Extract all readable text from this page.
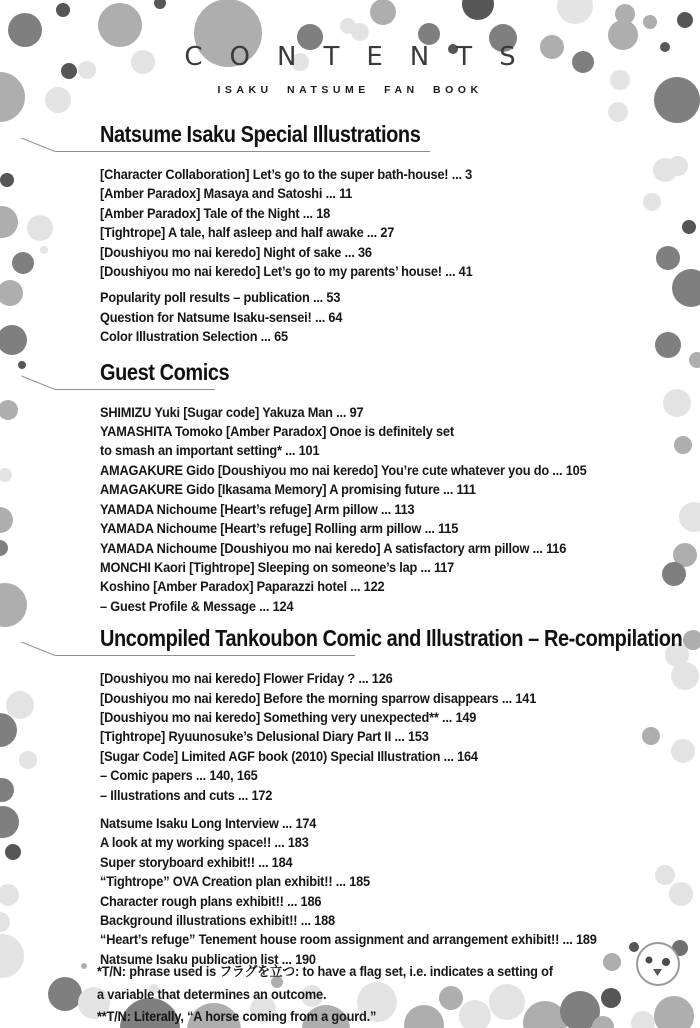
CONTENTS
ISAKU NATSUME FAN BOOK
Natsume Isaku Special Illustrations
[Character Collaboration] Let’s go to the super bath-house! ... 3
[Amber Paradox] Masaya and Satoshi ... 11
[Amber Paradox] Tale of the Night ... 18
[Tightrope] A tale, half asleep and half awake ... 27
[Doushiyou mo nai keredo] Night of sake ... 36
[Doushiyou mo nai keredo] Let’s go to my parents’ house! ... 41
Popularity poll results – publication ... 53
Question for Natsume Isaku-sensei! ... 64
Color Illustration Selection ... 65
Guest Comics
SHIMIZU Yuki [Sugar code] Yakuza Man ... 97
YAMASHITA Tomoko [Amber Paradox] Onoe is definitely set
to smash an important setting* ... 101
AMAGAKURE Gido [Doushiyou mo nai keredo] You’re cute whatever you do ... 105
AMAGAKURE Gido [Ikasama Memory] A promising future ... 111
YAMADA Nichoume [Heart’s refuge] Arm pillow ... 113
YAMADA Nichoume [Heart’s refuge] Rolling arm pillow ... 115
YAMADA Nichoume [Doushiyou mo nai keredo] A satisfactory arm pillow ... 116
MONCHI Kaori [Tightrope] Sleeping on someone’s lap ... 117
Koshino [Amber Paradox] Paparazzi hotel ... 122
– Guest Profile & Message ... 124
Uncompiled Tankoubon Comic and Illustration – Re-compilation
[Doushiyou mo nai keredo] Flower Friday ? ... 126
[Doushiyou mo nai keredo] Before the morning sparrow disappears ... 141
[Doushiyou mo nai keredo] Something very unexpected** ... 149
[Tightrope] Ryuunosuke’s Delusional Diary Part II ... 153
[Sugar Code] Limited AGF book (2010) Special Illustration ... 164
– Comic papers ... 140, 165
– Illustrations and cuts ... 172
Natsume Isaku Long Interview ... 174
A look at my working space!! ... 183
Super storyboard exhibit!! ... 184
“Tightrope” OVA Creation plan exhibit!! ... 185
Character rough plans exhibit!! ... 186
Background illustrations exhibit!! ... 188
“Heart’s refuge” Tenement house room assignment and arrangement exhibit!! ... 189
Natsume Isaku publication list ... 190
*T/N: phrase used is フラグを立つ: to have a flag set, i.e. indicates a setting of
a variable that determines an outcome.
**T/N: Literally, “A horse coming from a gourd.”
